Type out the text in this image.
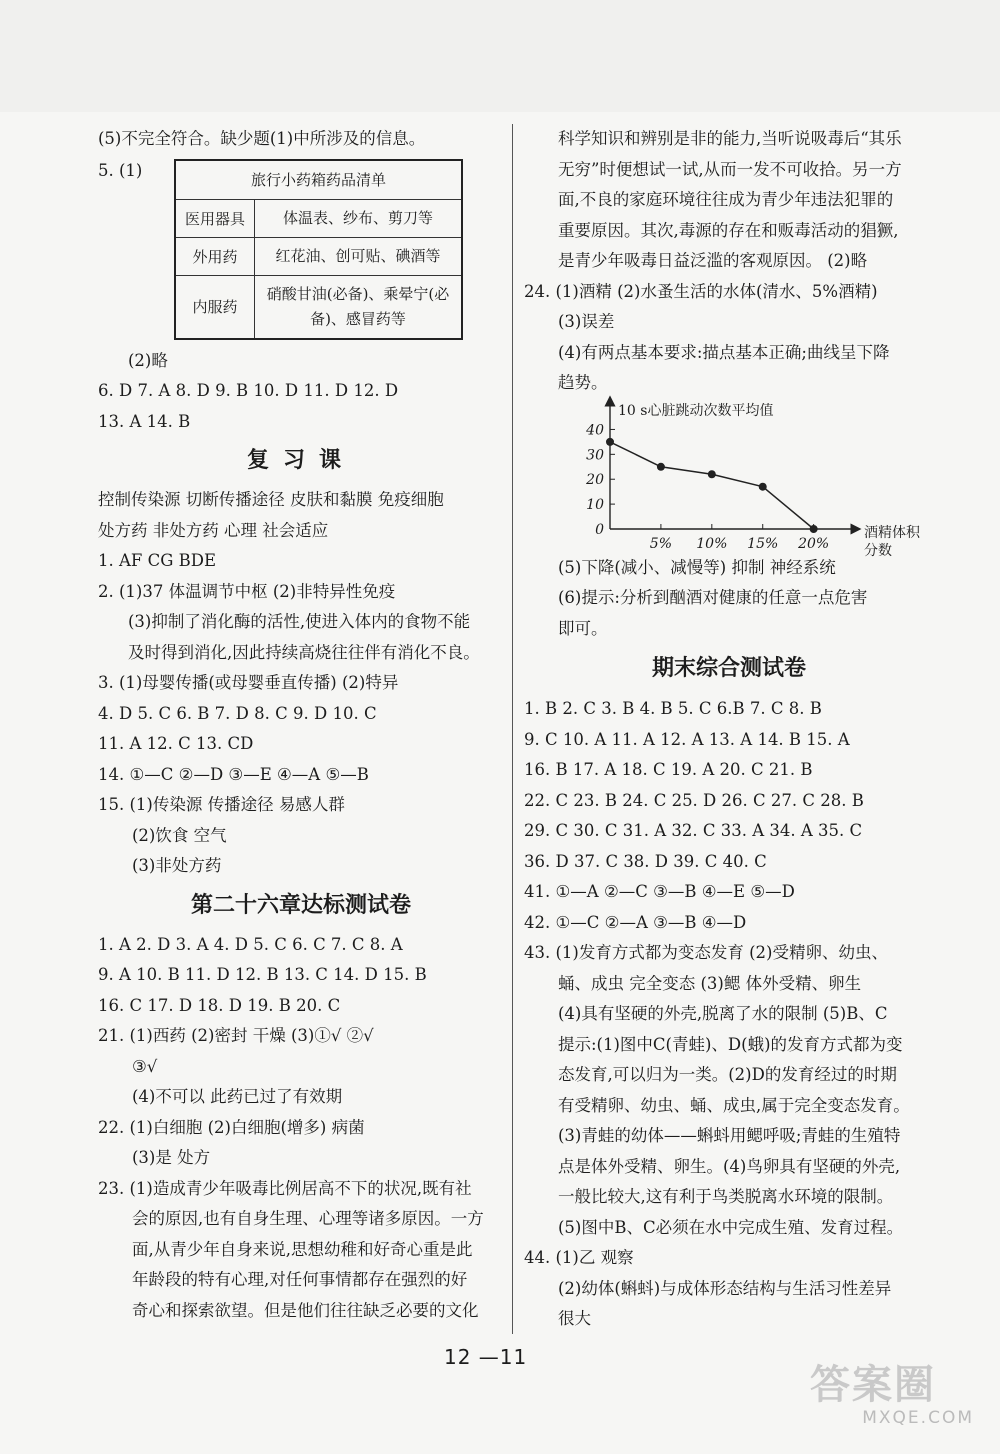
(5)不完全符合。缺少题(1)中所涉及的信息。
5. (1)
旅行小药箱药品清单	
医用器具	体温表、纱布、剪刀等
外用药	红花油、创可贴、碘酒等
内服药	硝酸甘油(必备)、乘晕宁(必备)、感冒药等
(2)略
6. D 7. A 8. D 9. B 10. D 11. D 12. D
13. A 14. B
复习课
控制传染源 切断传播途径 皮肤和黏膜 免疫细胞
处方药 非处方药 心理 社会适应
1. AF CG BDE
2. (1)37 体温调节中枢 (2)非特异性免疫
(3)抑制了消化酶的活性,使进入体内的食物不能
及时得到消化,因此持续高烧往往伴有消化不良。
3. (1)母婴传播(或母婴垂直传播) (2)特异
4. D 5. C 6. B 7. D 8. C 9. D 10. C
11. A 12. C 13. CD
14. ①—C ②—D ③—E ④—A ⑤—B
15. (1)传染源 传播途径 易感人群
(2)饮食 空气
(3)非处方药
第二十六章达标测试卷
1. A 2. D 3. A 4. D 5. C 6. C 7. C 8. A
9. A 10. B 11. D 12. B 13. C 14. D 15. B
16. C 17. D 18. D 19. B 20. C
21. (1)西药 (2)密封 干燥 (3)①√ ②√
③√
(4)不可以 此药已过了有效期
22. (1)白细胞 (2)白细胞(增多) 病菌
(3)是 处方
23. (1)造成青少年吸毒比例居高不下的状况,既有社
会的原因,也有自身生理、心理等诸多原因。一方
面,从青少年自身来说,思想幼稚和好奇心重是此
年龄段的特有心理,对任何事情都存在强烈的好
奇心和探索欲望。但是他们往往缺乏必要的文化
科学知识和辨别是非的能力,当听说吸毒后“其乐
无穷”时便想试一试,从而一发不可收拾。另一方
面,不良的家庭环境往往成为青少年违法犯罪的
重要原因。其次,毒源的存在和贩毒活动的猖獗,
是青少年吸毒日益泛滥的客观原因。 (2)略
24. (1)酒精 (2)水蚤生活的水体(清水、5%酒精)
(3)误差
(4)有两点基本要求:描点基本正确;曲线呈下降
趋势。
10
20
30
40
0
5% 10% 15% 20%
10 s心脏跳动次数平均值
酒精体积
分数
(5)下降(减小、减慢等) 抑制 神经系统
(6)提示:分析到酗酒对健康的任意一点危害
即可。
期末综合测试卷
1. B 2. C 3. B 4. B 5. C 6.B 7. C 8. B
9. C 10. A 11. A 12. A 13. A 14. B 15. A
16. B 17. A 18. C 19. A 20. C 21. B
22. C 23. B 24. C 25. D 26. C 27. C 28. B
29. C 30. C 31. A 32. C 33. A 34. A 35. C
36. D 37. C 38. D 39. C 40. C
41. ①—A ②—C ③—B ④—E ⑤—D
42. ①—C ②—A ③—B ④—D
43. (1)发育方式都为变态发育 (2)受精卵、幼虫、
蛹、成虫 完全变态 (3)鳃 体外受精、卵生
(4)具有坚硬的外壳,脱离了水的限制 (5)B、C
提示:(1)图中C(青蛙)、D(蛾)的发育方式都为变
态发育,可以归为一类。(2)D的发育经过的时期
有受精卵、幼虫、蛹、成虫,属于完全变态发育。
(3)青蛙的幼体——蝌蚪用鳃呼吸;青蛙的生殖特
点是体外受精、卵生。(4)鸟卵具有坚硬的外壳,
一般比较大,这有利于鸟类脱离水环境的限制。
(5)图中B、C必须在水中完成生殖、发育过程。
44. (1)乙 观察
(2)幼体(蝌蚪)与成体形态结构与生活习性差异
很大
12 —11
答案圈
MXQE.COM
